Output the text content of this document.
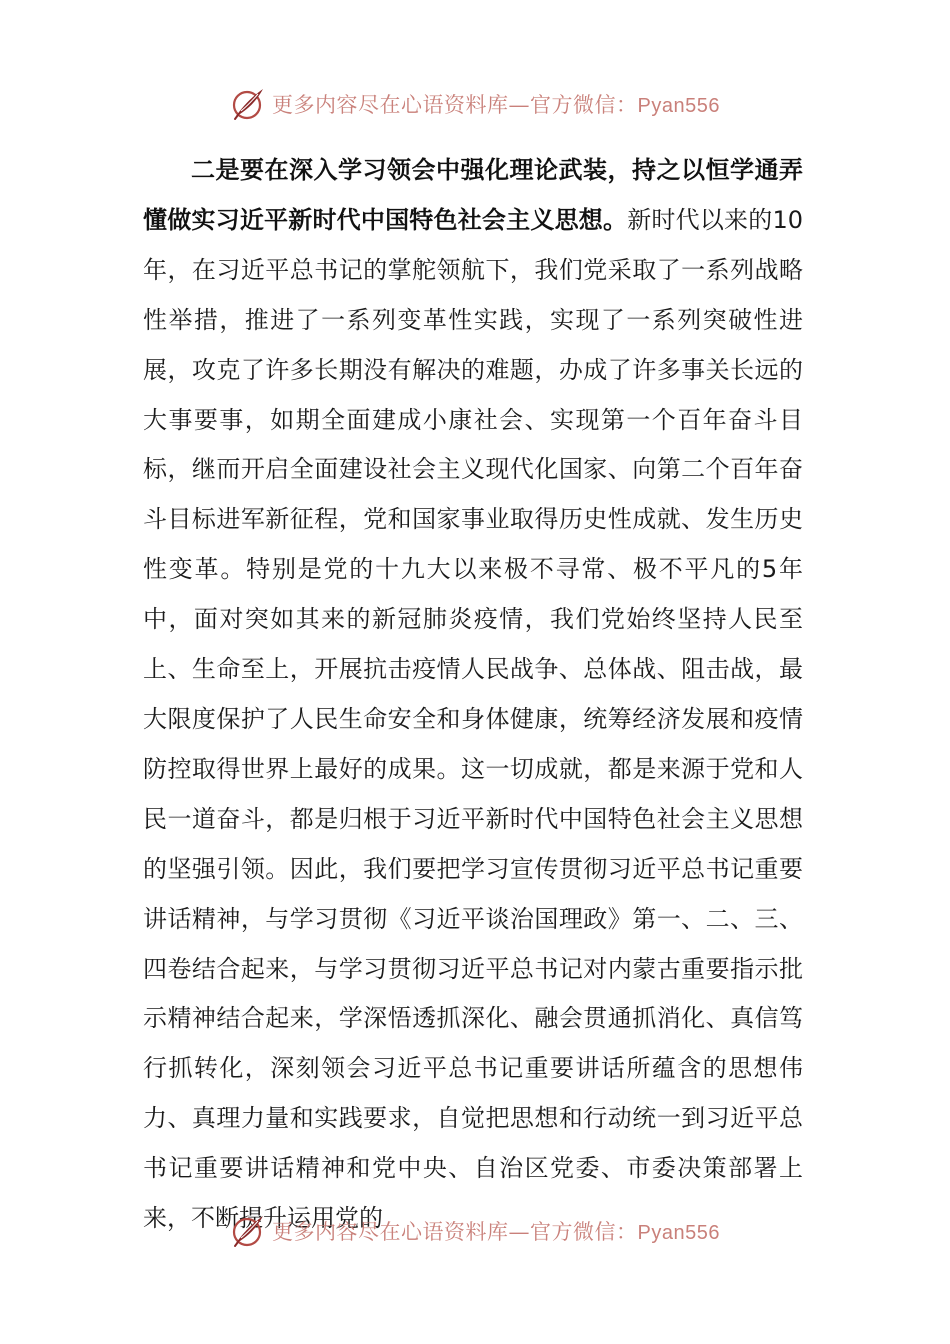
更多内容尽在心语资料库—官方微信：Pyan556
二是要在深入学习领会中强化理论武装，持之以恒学通弄懂做实习近平新时代中国特色社会主义思想。新时代以来的10年，在习近平总书记的掌舵领航下，我们党采取了一系列战略性举措，推进了一系列变革性实践，实现了一系列突破性进展，攻克了许多长期没有解决的难题，办成了许多事关长远的大事要事，如期全面建成小康社会、实现第一个百年奋斗目标，继而开启全面建设社会主义现代化国家、向第二个百年奋斗目标进军新征程，党和国家事业取得历史性成就、发生历史性变革。特别是党的十九大以来极不寻常、极不平凡的5年中，面对突如其来的新冠肺炎疫情，我们党始终坚持人民至上、生命至上，开展抗击疫情人民战争、总体战、阻击战，最大限度保护了人民生命安全和身体健康，统筹经济发展和疫情防控取得世界上最好的成果。这一切成就，都是来源于党和人民一道奋斗，都是归根于习近平新时代中国特色社会主义思想的坚强引领。因此，我们要把学习宣传贯彻习近平总书记重要讲话精神，与学习贯彻《习近平谈治国理政》第一、二、三、四卷结合起来，与学习贯彻习近平总书记对内蒙古重要指示批示精神结合起来，学深悟透抓深化、融会贯通抓消化、真信笃行抓转化，深刻领会习近平总书记重要讲话所蕴含的思想伟力、真理力量和实践要求，自觉把思想和行动统一到习近平总书记重要讲话精神和党中央、自治区党委、市委决策部署上来，不断提升运用党的
更多内容尽在心语资料库—官方微信：Pyan556
